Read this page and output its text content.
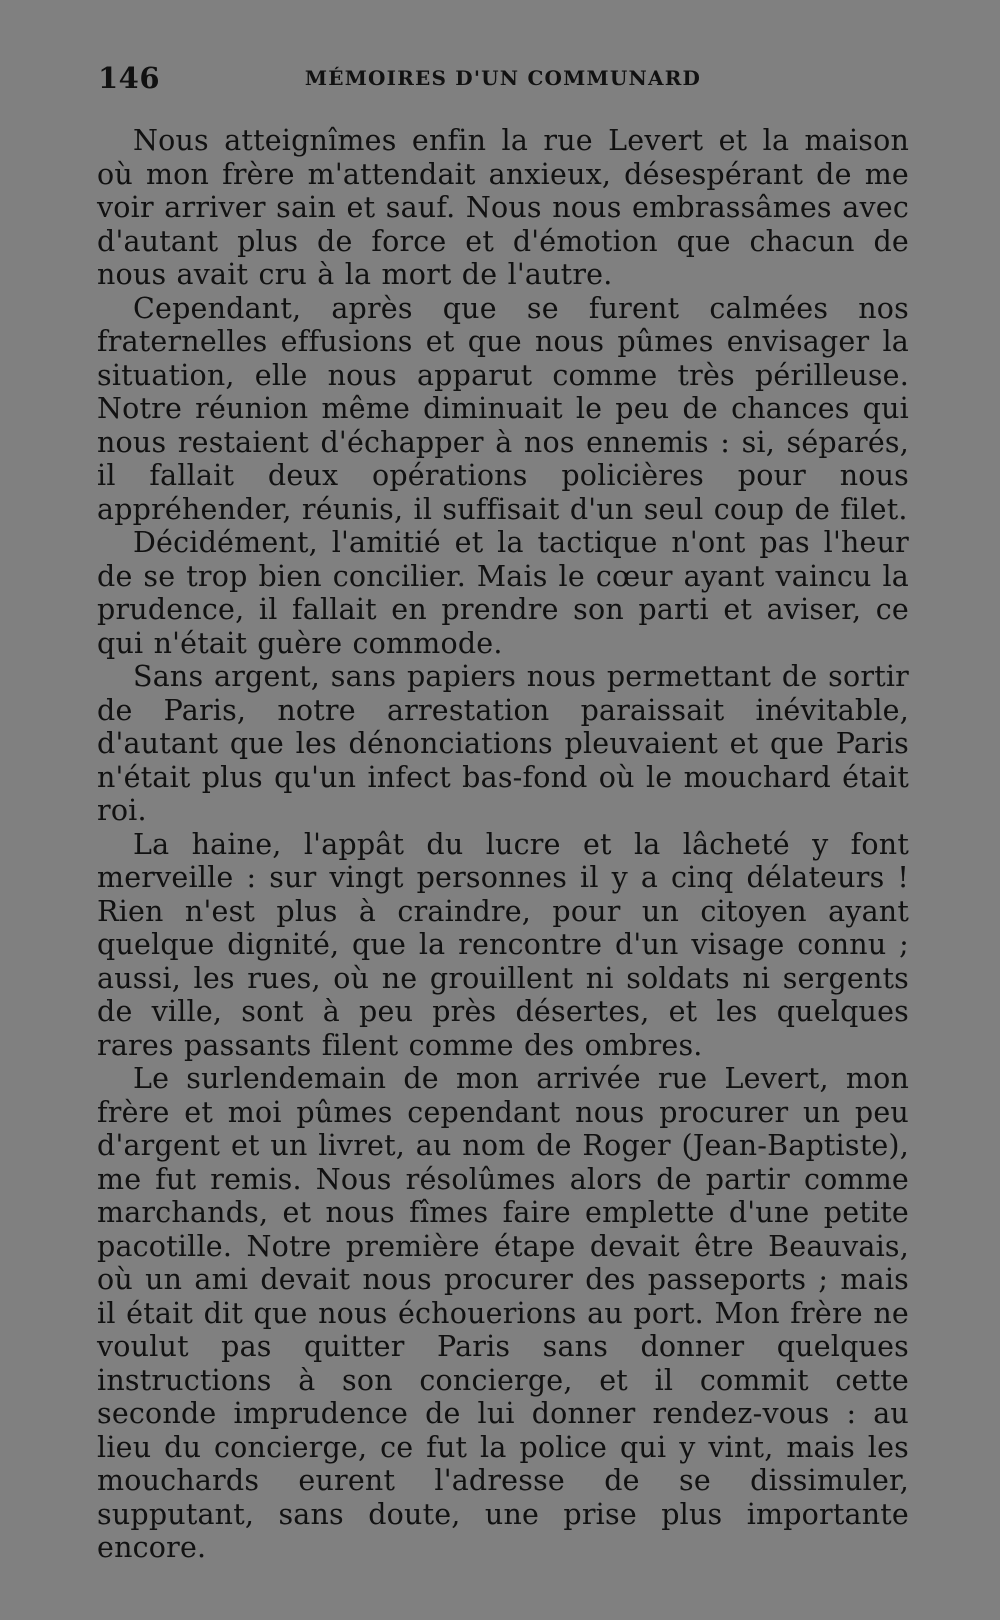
146	MÉMOIRES D'UN COMMUNARD

Nous atteignîmes enfin la rue Levert et la maison où mon frère m'attendait anxieux, désespérant de me voir arriver sain et sauf. Nous nous embrassâmes avec d'autant plus de force et d'émotion que chacun de nous avait cru à la mort de l'autre.

Cependant, après que se furent calmées nos fraternelles effusions et que nous pûmes envisager la situation, elle nous apparut comme très périlleuse. Notre réunion même diminuait le peu de chances qui nous restaient d'échapper à nos ennemis : si, séparés, il fallait deux opérations policières pour nous appréhender, réunis, il suffisait d'un seul coup de filet.

Décidément, l'amitié et la tactique n'ont pas l'heur de se trop bien concilier. Mais le cœur ayant vaincu la prudence, il fallait en prendre son parti et aviser, ce qui n'était guère commode.

Sans argent, sans papiers nous permettant de sortir de Paris, notre arrestation paraissait inévitable, d'autant que les dénonciations pleuvaient et que Paris n'était plus qu'un infect bas-fond où le mouchard était roi.

La haine, l'appât du lucre et la lâcheté y font merveille : sur vingt personnes il y a cinq délateurs ! Rien n'est plus à craindre, pour un citoyen ayant quelque dignité, que la rencontre d'un visage connu ; aussi, les rues, où ne grouillent ni soldats ni sergents de ville, sont à peu près désertes, et les quelques rares passants filent comme des ombres.

Le surlendemain de mon arrivée rue Levert, mon frère et moi pûmes cependant nous procurer un peu d'argent et un livret, au nom de Roger (Jean-Baptiste), me fut remis. Nous résolûmes alors de partir comme marchands, et nous fîmes faire emplette d'une petite pacotille. Notre première étape devait être Beauvais, où un ami devait nous procurer des passeports ; mais il était dit que nous échouerions au port. Mon frère ne voulut pas quitter Paris sans donner quelques instructions à son concierge, et il commit cette seconde imprudence de lui donner rendez-vous : au lieu du concierge, ce fut la police qui y vint, mais les mouchards eurent l'adresse de se dissimuler, supputant, sans doute, une prise plus importante encore.
